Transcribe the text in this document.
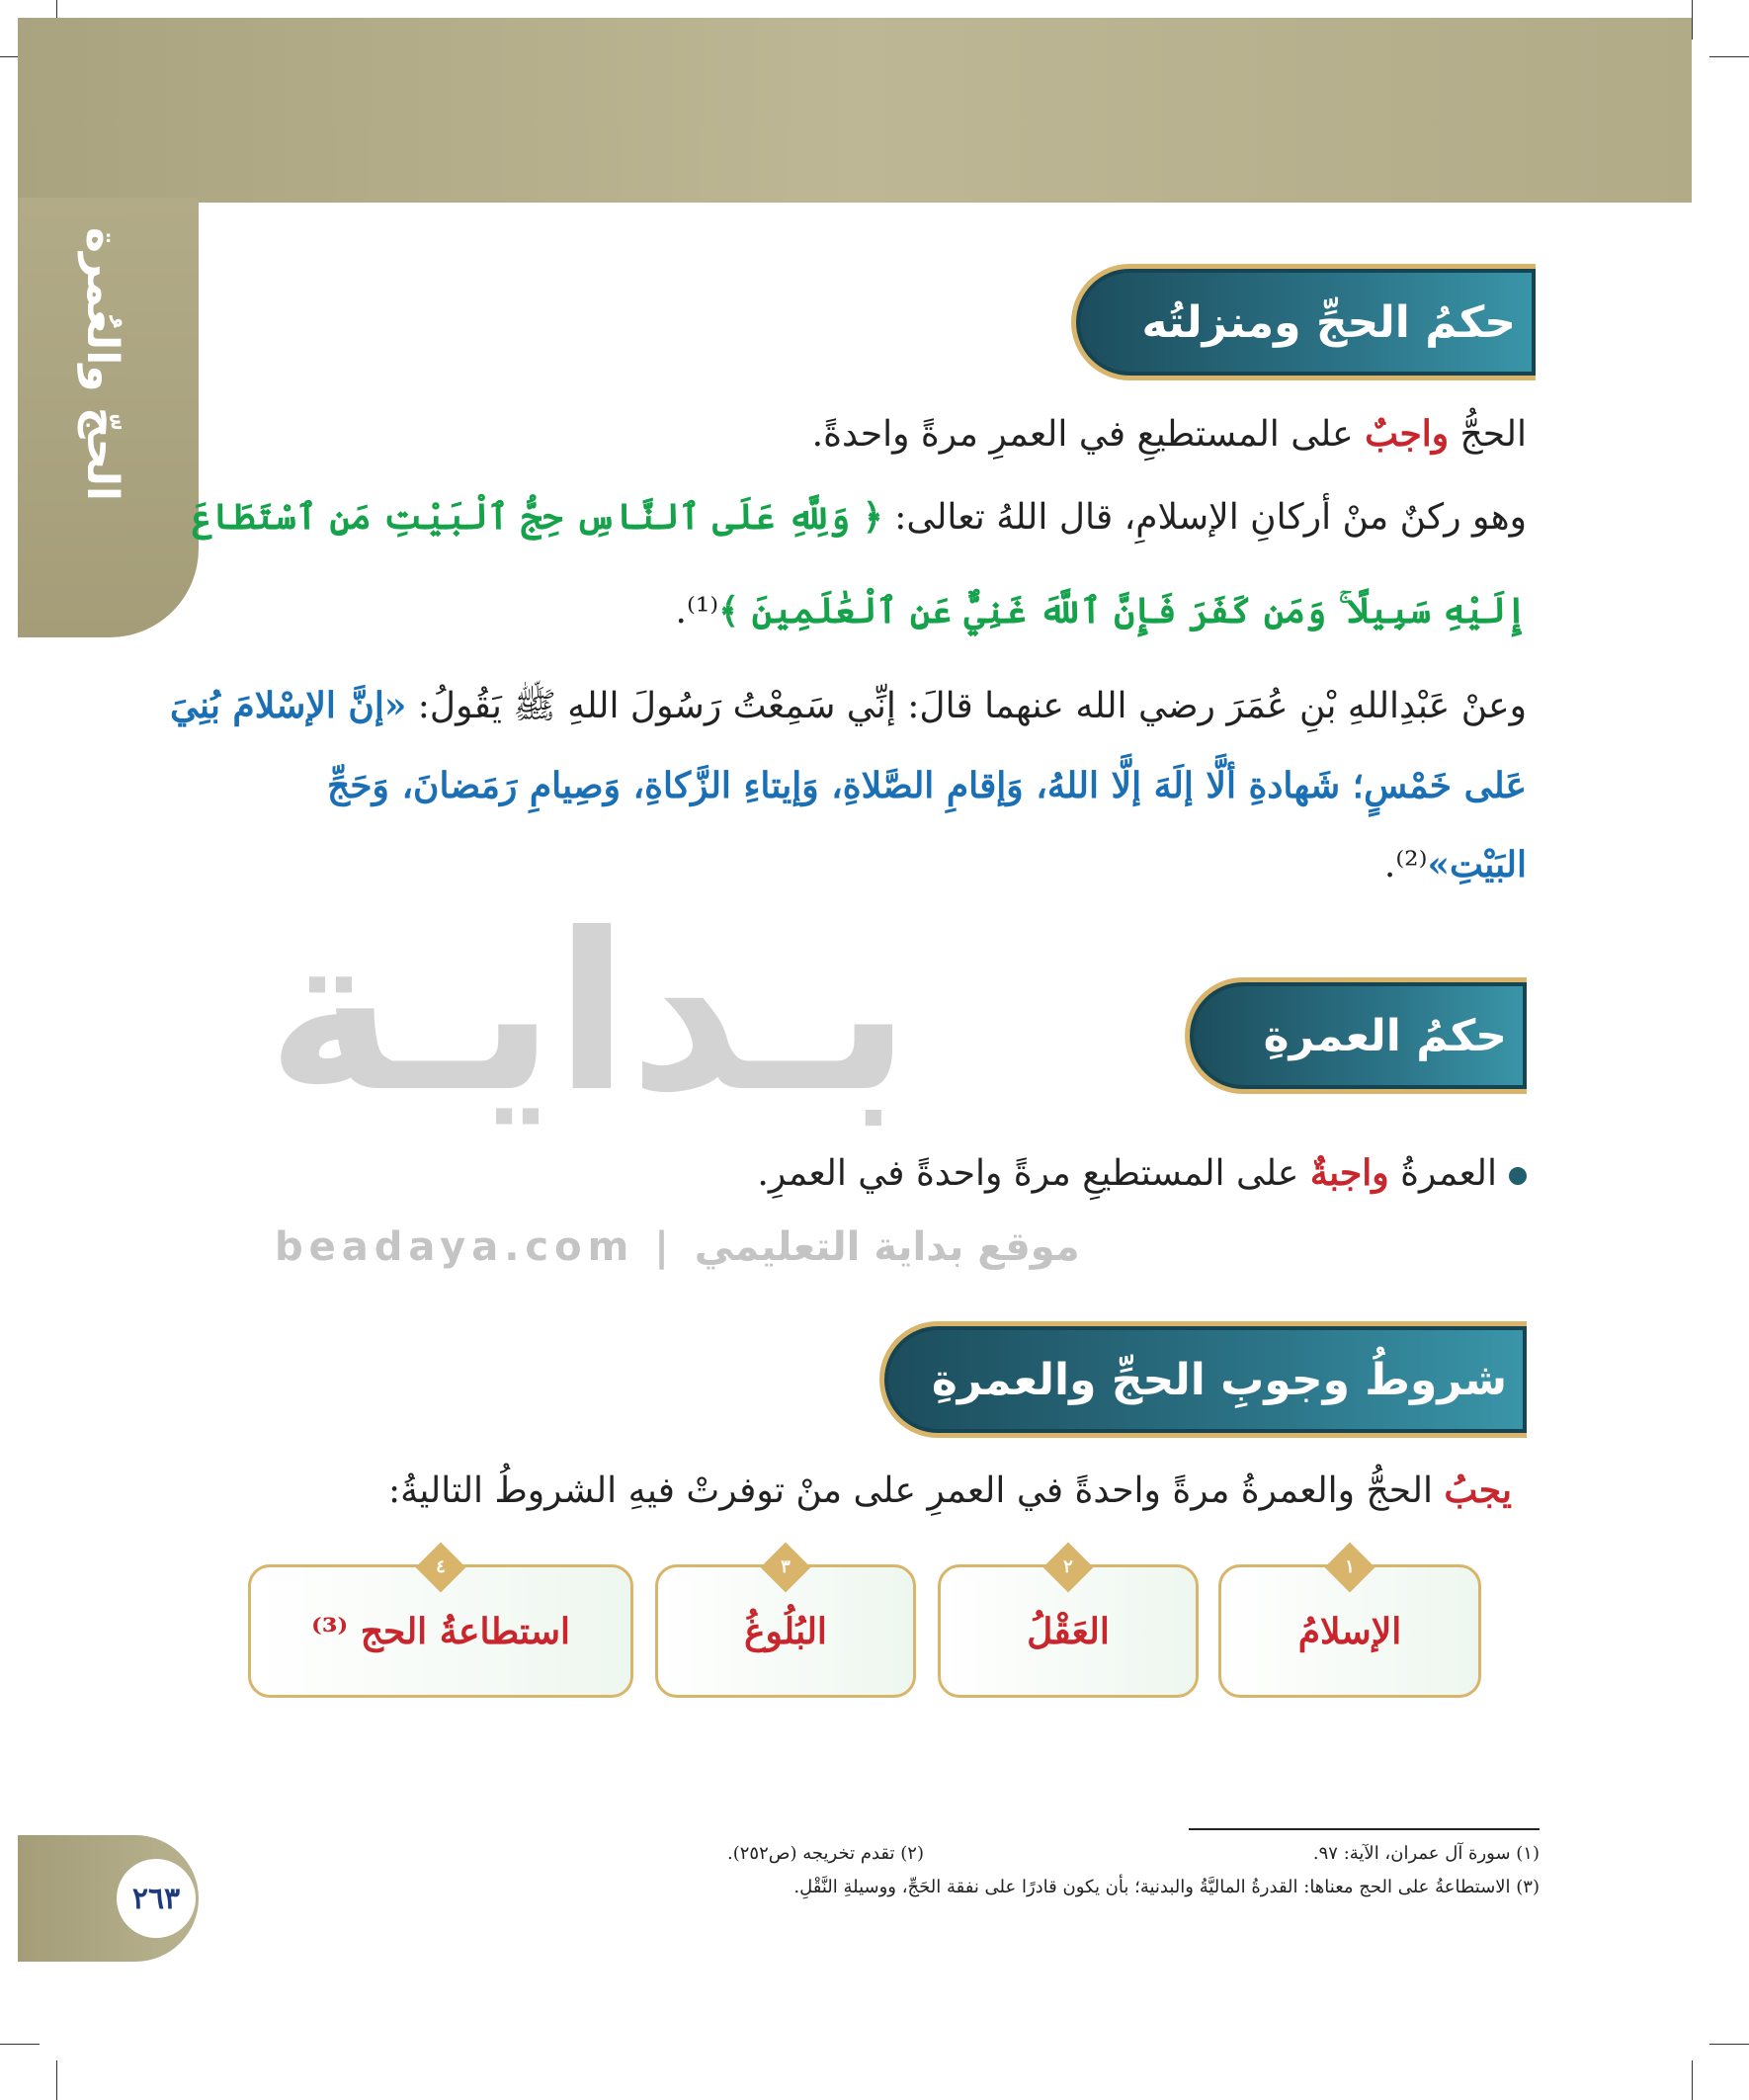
الحجّ والعُمرة
بـدايـة
beadaya.com | موقع بداية التعليمي
حكمُ الحجِّ ومنزلتُه
الحجُّ واجبٌ على المستطيعِ في العمرِ مرةً واحدةً.
وهو ركنٌ منْ أركانِ الإسلامِ، قال اللهُ تعالى: ﴿ وَلِلَّهِ عَلَى ٱلنَّاسِ حِجُّ ٱلْبَيْتِ مَنِ ٱسْتَطَاعَ
إِلَيْهِ سَبِيلًا ۚ وَمَن كَفَرَ فَإِنَّ ٱللَّهَ غَنِيٌّ عَنِ ٱلْعَٰلَمِينَ ﴾⁽¹⁾.
وعنْ عَبْدِاللهِ بْنِ عُمَرَ رضي الله عنهما قالَ: إنِّي سَمِعْتُ رَسُولَ اللهِ ﷺ يَقُولُ: «إنَّ الإسْلامَ بُنِيَ
عَلى خَمْسٍ؛ شَهادةِ ألَّا إلَهَ إلَّا اللهُ، وَإقامِ الصَّلاةِ، وَإيتاءِ الزَّكاةِ، وَصِيامِ رَمَضانَ، وَحَجِّ
البَيْتِ»⁽²⁾.
حكمُ العمرةِ
العمرةُ واجبةٌ على المستطيعِ مرةً واحدةً في العمرِ.
شروطُ وجوبِ الحجِّ والعمرةِ
يجبُ الحجُّ والعمرةُ مرةً واحدةً في العمرِ على منْ توفرتْ فيهِ الشروطُ التاليةُ:
١
الإسلامُ
٢
العَقْلُ
٣
البُلُوغُ
٤
استطاعةُ الحج ⁽³⁾
(١) سورة آل عمران، الآية: ٩٧.
(٢) تقدم تخريجه (ص٢٥٢).
(٣) الاستطاعةُ على الحج معناها: القدرةُ الماليَّةُ والبدنية؛ بأن يكون قادرًا على نفقة الحَجِّ، ووسيلةِ النَّقْلِ.
٢٦٣
